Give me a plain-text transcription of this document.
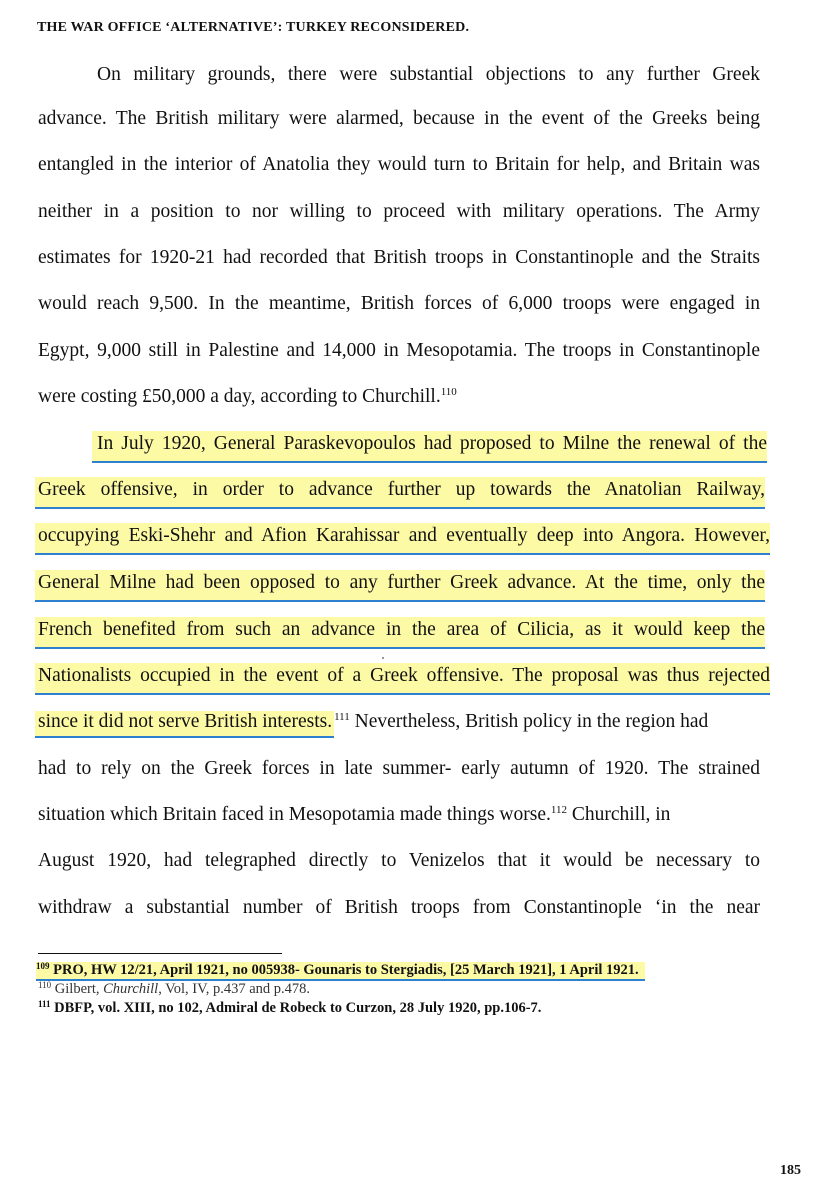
THE WAR OFFICE ‘ALTERNATIVE’: TURKEY RECONSIDERED.
On military grounds, there were substantial objections to any further Greek
advance. The British military were alarmed, because in the event of the Greeks being
entangled in the interior of Anatolia they would turn to Britain for help, and Britain was
neither in a position to nor willing to proceed with military operations. The Army
estimates for 1920-21 had recorded that British troops in Constantinople and the Straits
would reach 9,500. In the meantime, British forces of 6,000 troops were engaged in
Egypt, 9,000 still in Palestine and 14,000 in Mesopotamia. The troops in Constantinople
were costing £50,000 a day, according to Churchill.$^{110}$
In July 1920, General Paraskevopoulos had proposed to Milne the renewal of the
Greek offensive, in order to advance further up towards the Anatolian Railway,
occupying Eski-Shehr and Afion Karahissar and eventually deep into Angora. However,
General Milne had been opposed to any further Greek advance. At the time, only the
French benefited from such an advance in the area of Cilicia, as it would keep the
Nationalists occupied in the event of a Greek offensive. The proposal was thus rejected
since it did not serve British interests. $^{111}$ Nevertheless, British policy in the region had
had to rely on the Greek forces in late summer- early autumn of 1920. The strained
situation which Britain faced in Mesopotamia made things worse.$^{112}$ Churchill, in
August 1920, had telegraphed directly to Venizelos that it would be necessary to
withdraw a substantial number of British troops from Constantinople ‘in the near
$^{109}$ PRO, HW 12/21, April 1921, no 005938- Gounaris to Stergiadis, [25 March 1921], 1 April 1921.
$^{110}$ Gilbert, Churchill, Vol, IV, p.437 and p.478.
$^{111}$ DBFP, vol. XIII, no 102, Admiral de Robeck to Curzon, 28 July 1920, pp.106-7.
185
